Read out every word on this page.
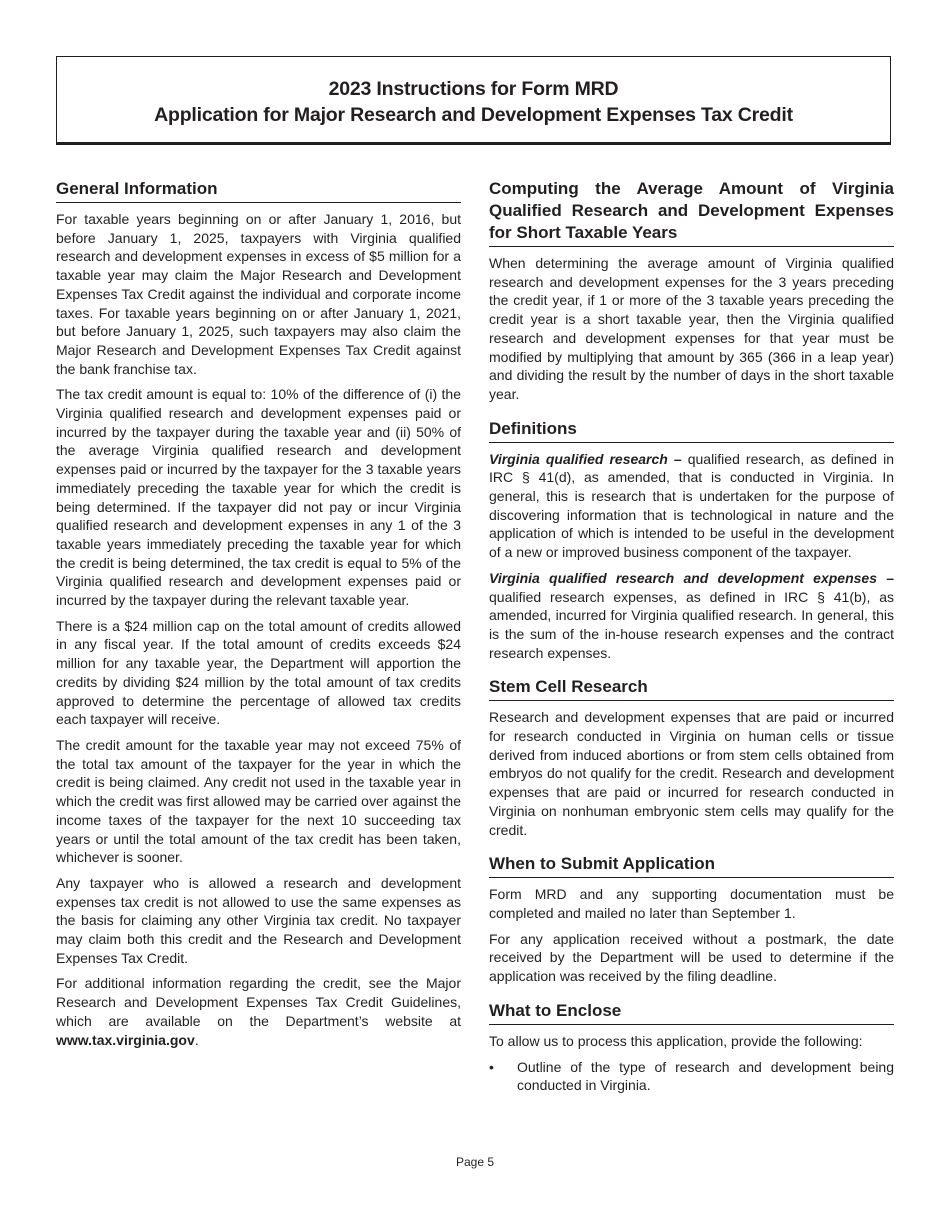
2023 Instructions for Form MRD
Application for Major Research and Development Expenses Tax Credit
General Information

For taxable years beginning on or after January 1, 2016, but before January 1, 2025, taxpayers with Virginia qualified research and development expenses in excess of $5 million for a taxable year may claim the Major Research and Development Expenses Tax Credit against the individual and corporate income taxes. For taxable years beginning on or after January 1, 2021, but before January 1, 2025, such taxpayers may also claim the Major Research and Development Expenses Tax Credit against the bank franchise tax.

The tax credit amount is equal to: 10% of the difference of (i) the Virginia qualified research and development expenses paid or incurred by the taxpayer during the taxable year and (ii) 50% of the average Virginia qualified research and development expenses paid or incurred by the taxpayer for the 3 taxable years immediately preceding the taxable year for which the credit is being determined. If the taxpayer did not pay or incur Virginia qualified research and development expenses in any 1 of the 3 taxable years immediately preceding the taxable year for which the credit is being determined, the tax credit is equal to 5% of the Virginia qualified research and development expenses paid or incurred by the taxpayer during the relevant taxable year.

There is a $24 million cap on the total amount of credits allowed in any fiscal year. If the total amount of credits exceeds $24 million for any taxable year, the Department will apportion the credits by dividing $24 million by the total amount of tax credits approved to determine the percentage of allowed tax credits each taxpayer will receive.

The credit amount for the taxable year may not exceed 75% of the total tax amount of the taxpayer for the year in which the credit is being claimed. Any credit not used in the taxable year in which the credit was first allowed may be carried over against the income taxes of the taxpayer for the next 10 succeeding tax years or until the total amount of the tax credit has been taken, whichever is sooner.

Any taxpayer who is allowed a research and development expenses tax credit is not allowed to use the same expenses as the basis for claiming any other Virginia tax credit. No taxpayer may claim both this credit and the Research and Development Expenses Tax Credit.

For additional information regarding the credit, see the Major Research and Development Expenses Tax Credit Guidelines, which are available on the Department’s website at www.tax.virginia.gov.

Computing the Average Amount of Virginia Qualified Research and Development Expenses for Short Taxable Years

When determining the average amount of Virginia qualified research and development expenses for the 3 years preceding the credit year, if 1 or more of the 3 taxable years preceding the credit year is a short taxable year, then the Virginia qualified research and development expenses for that year must be modified by multiplying that amount by 365 (366 in a leap year) and dividing the result by the number of days in the short taxable year.

Definitions

Virginia qualified research – qualified research, as defined in IRC § 41(d), as amended, that is conducted in Virginia. In general, this is research that is undertaken for the purpose of discovering information that is technological in nature and the application of which is intended to be useful in the development of a new or improved business component of the taxpayer.

Virginia qualified research and development expenses – qualified research expenses, as defined in IRC § 41(b), as amended, incurred for Virginia qualified research. In general, this is the sum of the in-house research expenses and the contract research expenses.

Stem Cell Research

Research and development expenses that are paid or incurred for research conducted in Virginia on human cells or tissue derived from induced abortions or from stem cells obtained from embryos do not qualify for the credit. Research and development expenses that are paid or incurred for research conducted in Virginia on nonhuman embryonic stem cells may qualify for the credit.

When to Submit Application

Form MRD and any supporting documentation must be completed and mailed no later than September 1.

For any application received without a postmark, the date received by the Department will be used to determine if the application was received by the filing deadline.

What to Enclose

To allow us to process this application, provide the following:

•	Outline of the type of research and development being conducted in Virginia.
Page 5
